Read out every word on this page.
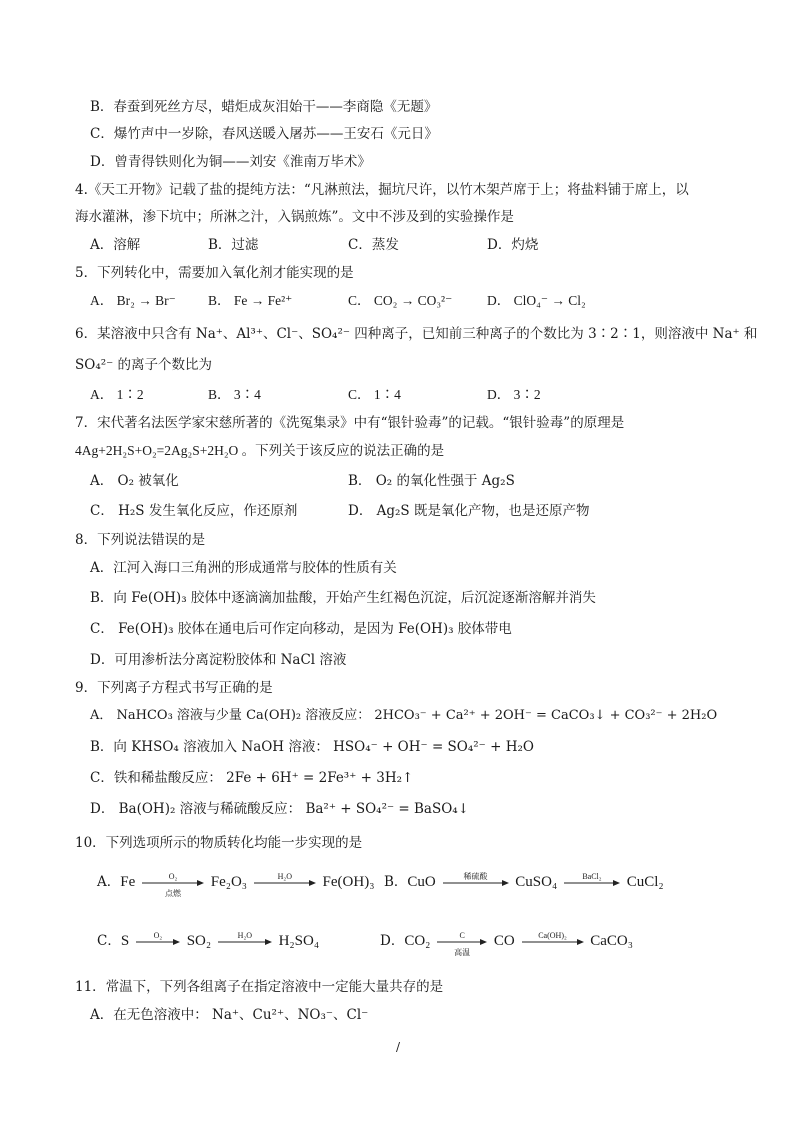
B．春蚕到死丝方尽，蜡炬成灰泪始干——李商隐《无题》
C．爆竹声中一岁除，春风送暖入屠苏——王安石《元日》
D．曾青得铁则化为铜——刘安《淮南万毕术》
4.《天工开物》记载了盐的提纯方法：“凡淋煎法，掘坑尺许，以竹木架芦席于上；将盐料铺于席上，以
海水灌淋，渗下坑中；所淋之汁，入锅煎炼”。文中不涉及到的实验操作是
A．溶解	B．过滤	C．蒸发	D．灼烧
5．下列转化中，需要加入氧化剂才能实现的是
A． Br₂ → Br⁻ B． Fe → Fe²⁺	C． CO₂ → CO₃²⁻	D． ClO₄⁻ → Cl₂
6．某溶液中只含有 Na⁺、Al³⁺、Cl⁻、SO₄²⁻ 四种离子，已知前三种离子的个数比为 3∶2∶1，则溶液中 Na⁺ 和
SO₄²⁻ 的离子个数比为
A． 1∶2	B． 3∶4	C． 1∶4	D． 3∶2
7．宋代著名法医学家宋慈所著的《洗冤集录》中有“银针验毒”的记载。“银针验毒”的原理是
4Ag+2H₂S+O₂=2Ag₂S+2H₂O 。下列关于该反应的说法正确的是
A． O₂ 被氧化	B． O₂ 的氧化性强于 Ag₂S
C． H₂S 发生氧化反应，作还原剂	D． Ag₂S 既是氧化产物，也是还原产物
8．下列说法错误的是
A．江河入海口三角洲的形成通常与胶体的性质有关
B．向 Fe(OH)₃ 胶体中逐滴滴加盐酸，开始产生红褐色沉淀，后沉淀逐渐溶解并消失
C． Fe(OH)₃ 胶体在通电后可作定向移动，是因为 Fe(OH)₃ 胶体带电
D．可用渗析法分离淀粉胶体和 NaCl 溶液
9．下列离子方程式书写正确的是
A． NaHCO₃ 溶液与少量 Ca(OH)₂ 溶液反应： 2HCO₃⁻ + Ca²⁺ + 2OH⁻ = CaCO₃↓ + CO₃²⁻ + 2H₂O
B．向 KHSO₄ 溶液加入 NaOH 溶液： HSO₄⁻ + OH⁻ = SO₄²⁻ + H₂O
C．铁和稀盐酸反应： 2Fe + 6H⁺ = 2Fe³⁺ + 3H₂↑
D． Ba(OH)₂ 溶液与稀硫酸反应： Ba²⁺ + SO₄²⁻ = BaSO₄↓
10．下列选项所示的物质转化均能一步实现的是
A．Fe	O₂
点燃
Fe₂O₃	H₂O	Fe(OH)₃ B．CuO	稀硫酸	CuSO₄	BaCl₂	CuCl₂
C．S	O₂	SO₂	H₂O	H₂SO₄	D．CO₂	C
高温
CO	Ca(OH)₂	CaCO₃
11．常温下，下列各组离子在指定溶液中一定能大量共存的是
A．在无色溶液中： Na⁺、Cu²⁺、NO₃⁻、Cl⁻
/
